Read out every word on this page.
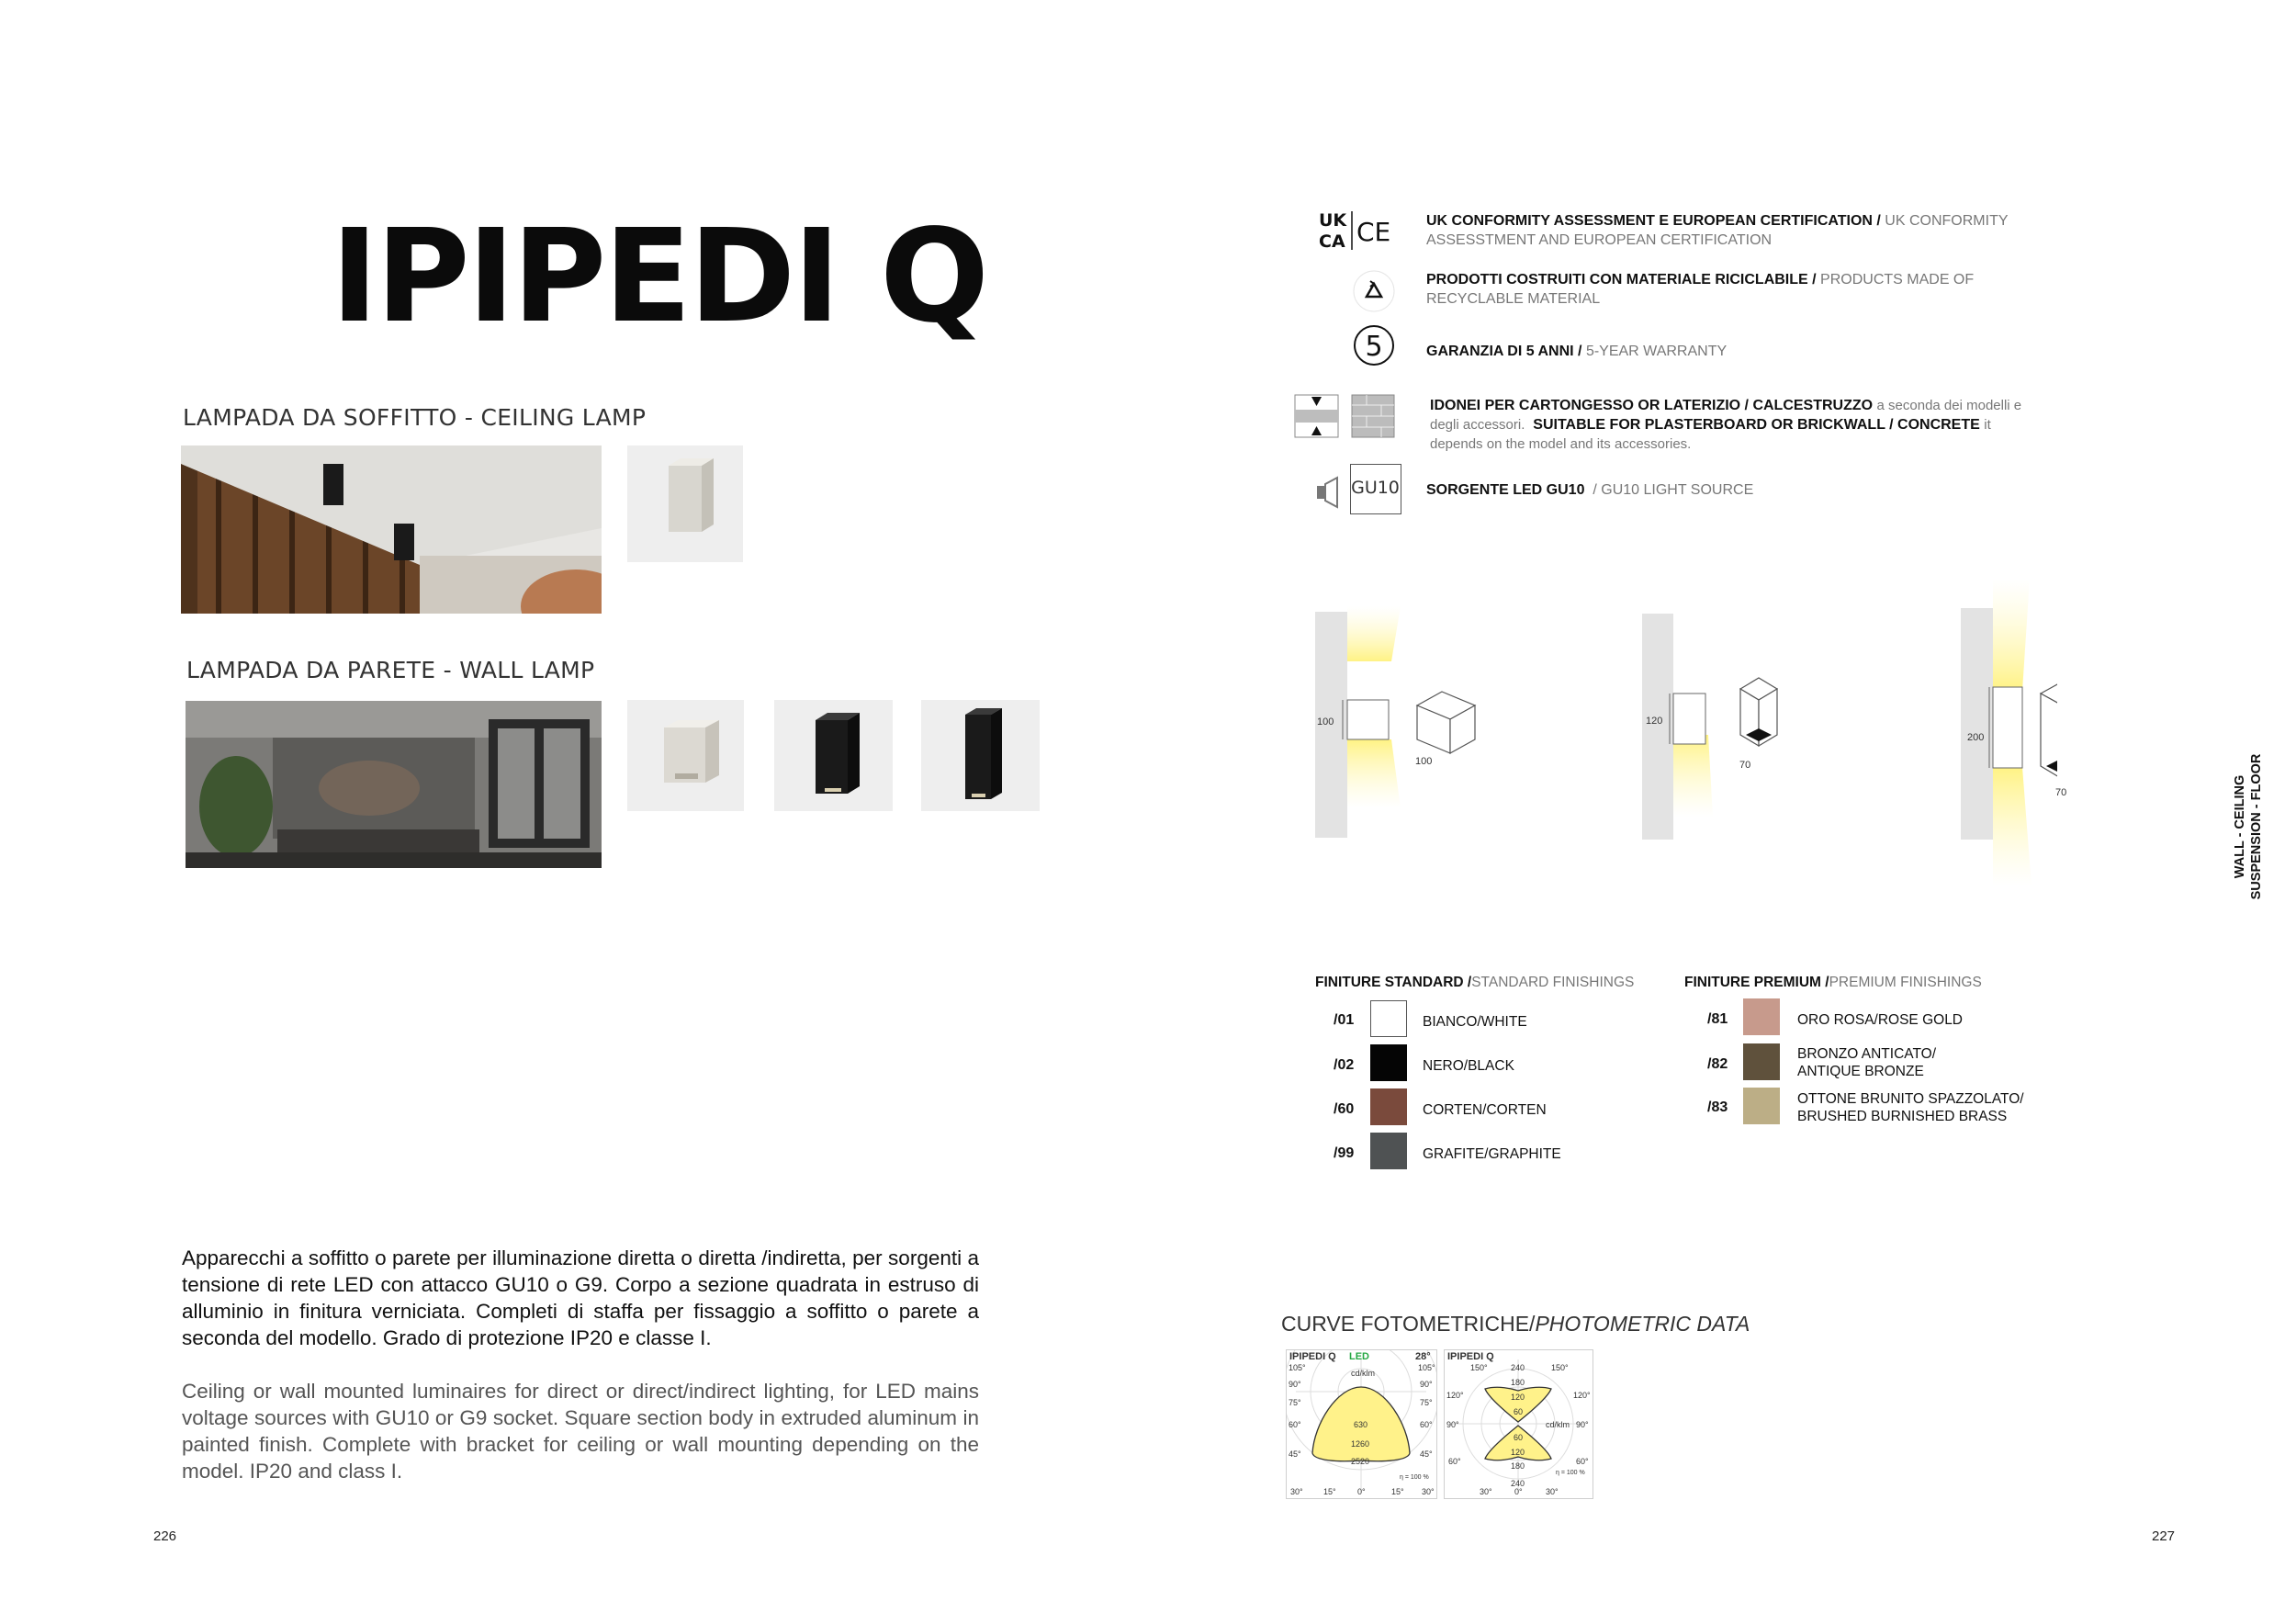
IPIPEDI Q
LAMPADA DA SOFFITTO - CEILING LAMP
LAMPADA DA PARETE - WALL LAMP
UK
CA CE UK CONFORMITY ASSESSMENT E EUROPEAN CERTIFICATION / UK CONFORMITY ASSESSTMENT AND EUROPEAN CERTIFICATION
PRODOTTI COSTRUITI CON MATERIALE RICICLABILE / PRODUCTS MADE OF RECYCLABLE MATERIAL
5	GARANZIA DI 5 ANNI / 5-YEAR WARRANTY
IDONEI PER CARTONGESSO OR LATERIZIO / CALCESTRUZZO a seconda dei modelli e degli accessori. SUITABLE FOR PLASTERBOARD OR BRICKWALL / CONCRETE it depends on the model and its accessories.
GU10 SORGENTE LED GU10 / GU10 LIGHT SOURCE
100
100
120
70
200
70	WALL - CEILING SUSPENSION - FLOOR
FINITURE STANDARD /STANDARD FINISHINGS	FINITURE PREMIUM /PREMIUM FINISHINGS
/01	BIANCO/WHITE
/02	NERO/BLACK
/60	CORTEN/CORTEN
/99	GRAFITE/GRAPHITE
/81	ORO ROSA/ROSE GOLD
/82
BRONZO ANTICATO/
ANTIQUE BRONZE
/83
OTTONE BRUNITO SPAZZOLATO/
BRUSHED BURNISHED BRASS
Apparecchi a soffitto o parete per illuminazione diretta o diretta /indiretta, per sorgenti a tensione di rete LED con attacco GU10 o G9. Corpo a sezione quadrata in estruso di alluminio in finitura verniciata. Completi di staffa per fissaggio a soffitto o parete a seconda del modello. Grado di protezione IP20 e classe I.
Ceiling or wall mounted luminaires for direct or direct/indirect lighting, for LED mains voltage sources with GU10 or G9 socket. Square section body in extruded aluminum in painted finish. Complete with bracket for ceiling or wall mounting depending on the model. IP20 and class I.
CURVE FOTOMETRICHE/PHOTOMETRIC DATA
IPIPEDI Q LED	28°
cd/klm
105°
90°
75°
60°
45°
105°
90°
75°
60°
45°
630
1260
2520
η = 100 %
30° 15°	0°	15° 30°
IPIPEDI Q
150°	240	150°
180
120
60
cd/klm
60
120
180
120°
90°
60°
120°
90°
60°
η = 100 %
240
30°	0°	30°
226	227
